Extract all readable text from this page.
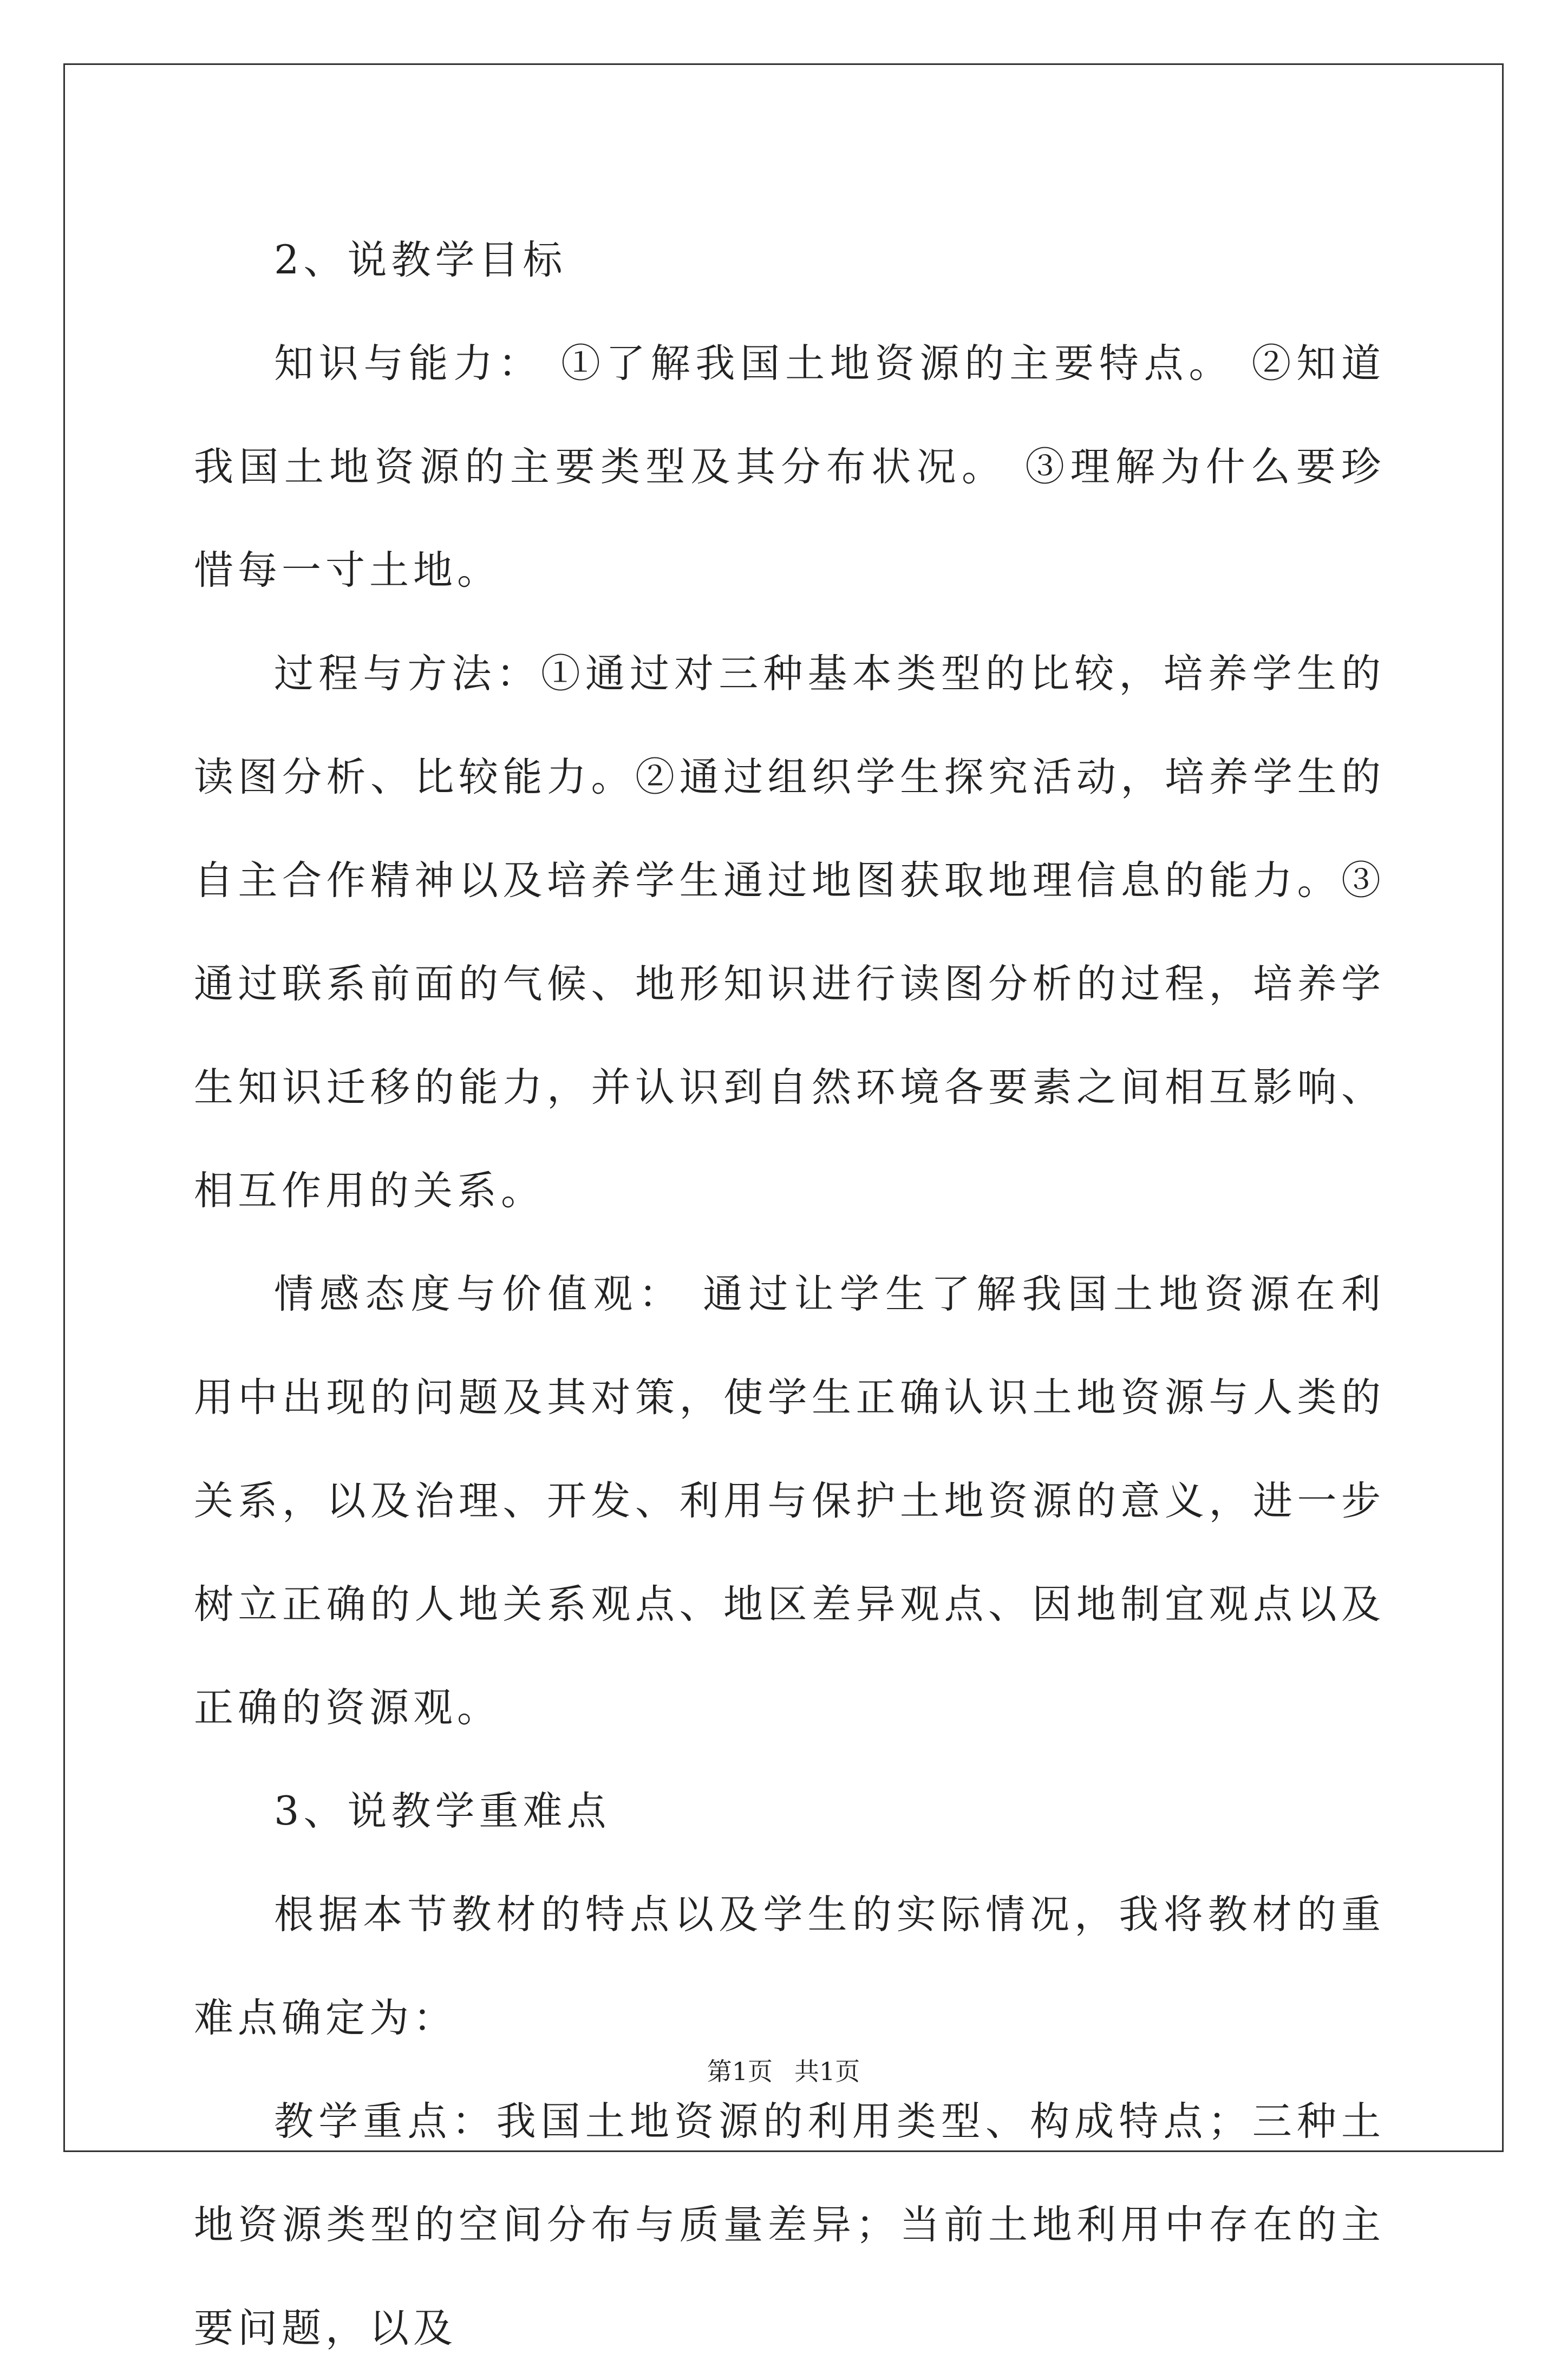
2、说教学目标

知识与能力： ①了解我国土地资源的主要特点。 ②知道我国土地资源的主要类型及其分布状况。 ③理解为什么要珍惜每一寸土地。

过程与方法：①通过对三种基本类型的比较，培养学生的读图分析、比较能力。②通过组织学生探究活动，培养学生的自主合作精神以及培养学生通过地图获取地理信息的能力。③通过联系前面的气候、地形知识进行读图分析的过程，培养学生知识迁移的能力，并认识到自然环境各要素之间相互影响、相互作用的关系。

情感态度与价值观： 通过让学生了解我国土地资源在利用中出现的问题及其对策，使学生正确认识土地资源与人类的关系，以及治理、开发、利用与保护土地资源的意义，进一步树立正确的人地关系观点、地区差异观点、因地制宜观点以及正确的资源观。

3、说教学重难点

根据本节教材的特点以及学生的实际情况，我将教材的重难点确定为：

教学重点：我国土地资源的利用类型、构成特点；三种土地资源类型的空间分布与质量差异；当前土地利用中存在的主要问题，以及

第1页 共1页
